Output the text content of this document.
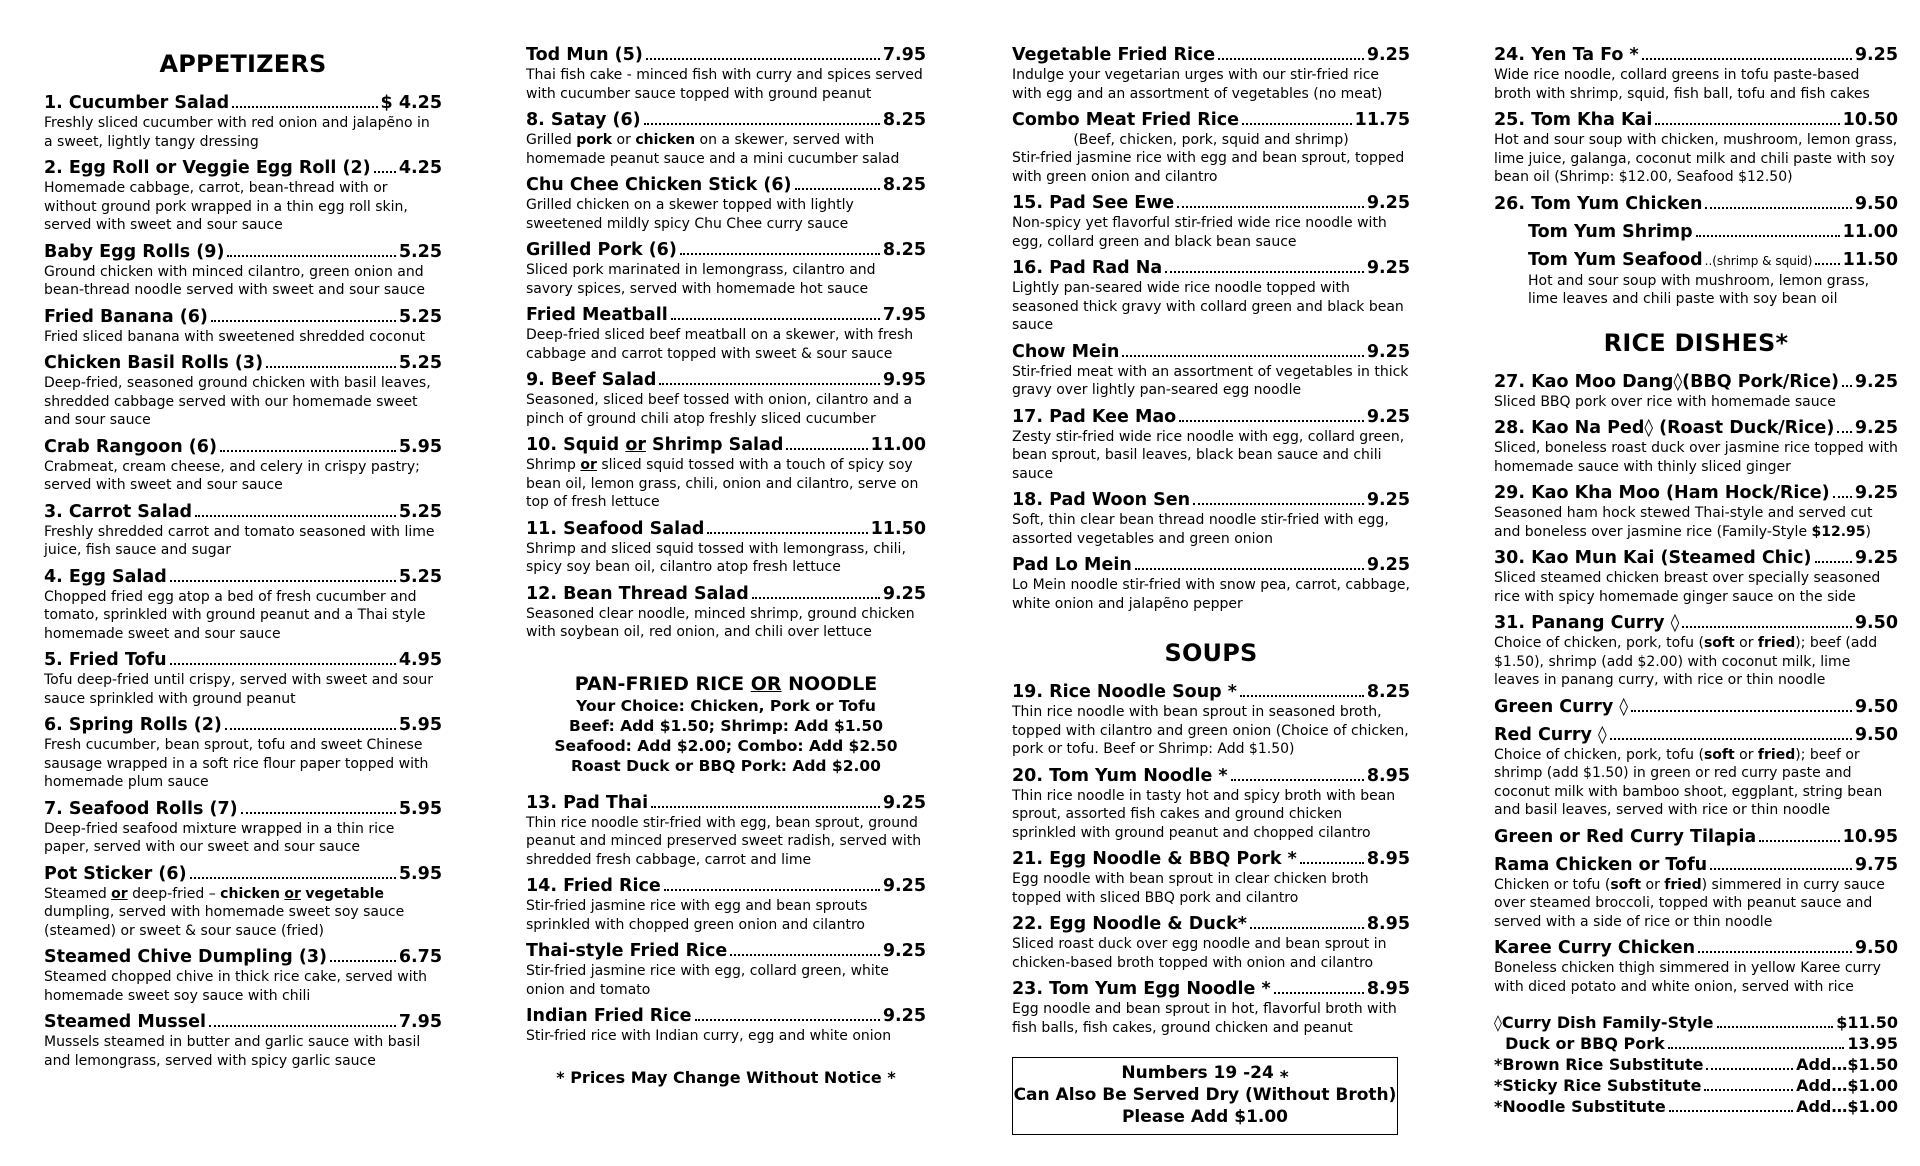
APPETIZERS
1. Cucumber Salad	$ 4.25
Freshly sliced cucumber with red onion and jalapẽno in a sweet, lightly tangy dressing
2. Egg Roll or Veggie Egg Roll (2) 4.25
Homemade cabbage, carrot, bean-thread with or without ground pork wrapped in a thin egg roll skin, served with sweet and sour sauce
Baby Egg Rolls (9)	5.25
Ground chicken with minced cilantro, green onion and bean-thread noodle served with sweet and sour sauce
Fried Banana (6)	5.25
Fried sliced banana with sweetened shredded coconut
Chicken Basil Rolls (3)	5.25
Deep-fried, seasoned ground chicken with basil leaves, shredded cabbage served with our homemade sweet and sour sauce
Crab Rangoon (6)	5.95
Crabmeat, cream cheese, and celery in crispy pastry; served with sweet and sour sauce
3. Carrot Salad	5.25
Freshly shredded carrot and tomato seasoned with lime juice, fish sauce and sugar
4. Egg Salad	5.25
Chopped fried egg atop a bed of fresh cucumber and tomato, sprinkled with ground peanut and a Thai style homemade sweet and sour sauce
5. Fried Tofu	4.95
Tofu deep-fried until crispy, served with sweet and sour sauce sprinkled with ground peanut
6. Spring Rolls (2)	5.95
Fresh cucumber, bean sprout, tofu and sweet Chinese sausage wrapped in a soft rice flour paper topped with homemade plum sauce
7. Seafood Rolls (7)	5.95
Deep-fried seafood mixture wrapped in a thin rice paper, served with our sweet and sour sauce
Pot Sticker (6)	5.95
Steamed or deep-fried – chicken or vegetable dumpling, served with homemade sweet soy sauce (steamed) or sweet & sour sauce (fried)
Steamed Chive Dumpling (3)	6.75
Steamed chopped chive in thick rice cake, served with homemade sweet soy sauce with chili
Steamed Mussel	7.95
Mussels steamed in butter and garlic sauce with basil and lemongrass, served with spicy garlic sauce
Tod Mun (5)	7.95
Thai fish cake - minced fish with curry and spices served with cucumber sauce topped with ground peanut
8. Satay (6)	8.25
Grilled pork or chicken on a skewer, served with homemade peanut sauce and a mini cucumber salad
Chu Chee Chicken Stick (6)	8.25
Grilled chicken on a skewer topped with lightly sweetened mildly spicy Chu Chee curry sauce
Grilled Pork (6)	8.25
Sliced pork marinated in lemongrass, cilantro and savory spices, served with homemade hot sauce
Fried Meatball	7.95
Deep-fried sliced beef meatball on a skewer, with fresh cabbage and carrot topped with sweet & sour sauce
9. Beef Salad	9.95
Seasoned, sliced beef tossed with onion, cilantro and a pinch of ground chili atop freshly sliced cucumber
10. Squid or Shrimp Salad	11.00
Shrimp or sliced squid tossed with a touch of spicy soy bean oil, lemon grass, chili, onion and cilantro, serve on top of fresh lettuce
11. Seafood Salad	11.50
Shrimp and sliced squid tossed with lemongrass, chili, spicy soy bean oil, cilantro atop fresh lettuce
12. Bean Thread Salad	9.25
Seasoned clear noodle, minced shrimp, ground chicken with soybean oil, red onion, and chili over lettuce
PAN-FRIED RICE OR NOODLE
Your Choice: Chicken, Pork or Tofu
Beef: Add $1.50; Shrimp: Add $1.50
Seafood: Add $2.00; Combo: Add $2.50
Roast Duck or BBQ Pork: Add $2.00
13. Pad Thai	9.25
Thin rice noodle stir-fried with egg, bean sprout, ground peanut and minced preserved sweet radish, served with shredded fresh cabbage, carrot and lime
14. Fried Rice	9.25
Stir-fried jasmine rice with egg and bean sprouts sprinkled with chopped green onion and cilantro
Thai-style Fried Rice	9.25
Stir-fried jasmine rice with egg, collard green, white onion and tomato
Indian Fried Rice	9.25
Stir-fried rice with Indian curry, egg and white onion
* Prices May Change Without Notice *
Vegetable Fried Rice	9.25
Indulge your vegetarian urges with our stir-fried rice with egg and an assortment of vegetables (no meat)
Combo Meat Fried Rice	11.75
(Beef, chicken, pork, squid and shrimp)
Stir-fried jasmine rice with egg and bean sprout, topped with green onion and cilantro
15. Pad See Ewe	9.25
Non-spicy yet flavorful stir-fried wide rice noodle with egg, collard green and black bean sauce
16. Pad Rad Na	9.25
Lightly pan-seared wide rice noodle topped with seasoned thick gravy with collard green and black bean sauce
Chow Mein	9.25
Stir-fried meat with an assortment of vegetables in thick gravy over lightly pan-seared egg noodle
17. Pad Kee Mao	9.25
Zesty stir-fried wide rice noodle with egg, collard green, bean sprout, basil leaves, black bean sauce and chili sauce
18. Pad Woon Sen	9.25
Soft, thin clear bean thread noodle stir-fried with egg, assorted vegetables and green onion
Pad Lo Mein	9.25
Lo Mein noodle stir-fried with snow pea, carrot, cabbage, white onion and jalapẽno pepper
SOUPS
19. Rice Noodle Soup *	8.25
Thin rice noodle with bean sprout in seasoned broth, topped with cilantro and green onion (Choice of chicken, pork or tofu. Beef or Shrimp: Add $1.50)
20. Tom Yum Noodle *	8.95
Thin rice noodle in tasty hot and spicy broth with bean sprout, assorted fish cakes and ground chicken sprinkled with ground peanut and chopped cilantro
21. Egg Noodle & BBQ Pork *	8.95
Egg noodle with bean sprout in clear chicken broth topped with sliced BBQ pork and cilantro
22. Egg Noodle & Duck*	8.95
Sliced roast duck over egg noodle and bean sprout in chicken-based broth topped with onion and cilantro
23. Tom Yum Egg Noodle *	8.95
Egg noodle and bean sprout in hot, flavorful broth with fish balls, fish cakes, ground chicken and peanut
Numbers 19 -24 ⁎
Can Also Be Served Dry (Without Broth)
Please Add $1.00
24. Yen Ta Fo *	9.25
Wide rice noodle, collard greens in tofu paste-based broth with shrimp, squid, fish ball, tofu and fish cakes
25. Tom Kha Kai	10.50
Hot and sour soup with chicken, mushroom, lemon grass, lime juice, galanga, coconut milk and chili paste with soy bean oil (Shrimp: $12.00, Seafood $12.50)
26. Tom Yum Chicken	9.50
Tom Yum Shrimp	11.00
Tom Yum Seafood ..(shrimp & squid) 11.50
Hot and sour soup with mushroom, lemon grass, lime leaves and chili paste with soy bean oil
RICE DISHES*
27. Kao Moo Dang◊(BBQ Pork/Rice) 9.25
Sliced BBQ pork over rice with homemade sauce
28. Kao Na Ped◊ (Roast Duck/Rice) 9.25
Sliced, boneless roast duck over jasmine rice topped with homemade sauce with thinly sliced ginger
29. Kao Kha Moo (Ham Hock/Rice) 9.25
Seasoned ham hock stewed Thai-style and served cut and boneless over jasmine rice (Family-Style $12.95)
30. Kao Mun Kai (Steamed Chic) 9.25
Sliced steamed chicken breast over specially seasoned rice with spicy homemade ginger sauce on the side
31. Panang Curry ◊	9.50
Choice of chicken, pork, tofu (soft or fried); beef (add $1.50), shrimp (add $2.00) with coconut milk, lime leaves in panang curry, with rice or thin noodle
Green Curry ◊	9.50
Red Curry ◊	9.50
Choice of chicken, pork, tofu (soft or fried); beef or shrimp (add $1.50) in green or red curry paste and coconut milk with bamboo shoot, eggplant, string bean and basil leaves, served with rice or thin noodle
Green or Red Curry Tilapia	10.95
Rama Chicken or Tofu	9.75
Chicken or tofu (soft or fried) simmered in curry sauce over steamed broccoli, topped with peanut sauce and served with a side of rice or thin noodle
Karee Curry Chicken	9.50
Boneless chicken thigh simmered in yellow Karee curry with diced potato and white onion, served with rice
◊Curry Dish Family-Style	$11.50
Duck or BBQ Pork	13.95
*Brown Rice Substitute	Add…$1.50
*Sticky Rice Substitute	Add…$1.00
*Noodle Substitute	Add…$1.00
